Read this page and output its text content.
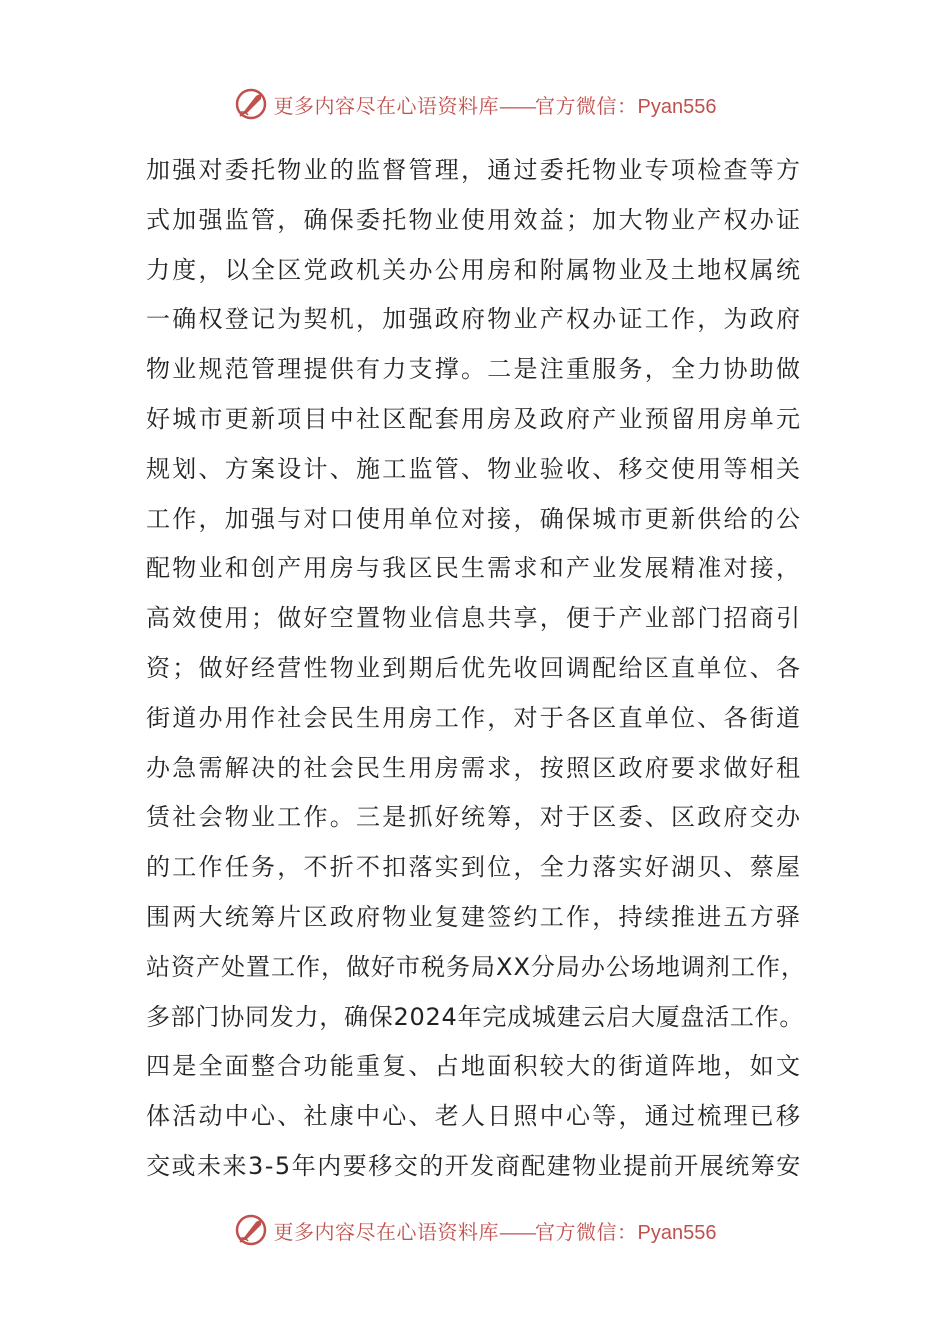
更多内容尽在心语资料库——官方微信：Pyan556
加强对委托物业的监督管理，通过委托物业专项检查等方
式加强监管，确保委托物业使用效益；加大物业产权办证
力度，以全区党政机关办公用房和附属物业及土地权属统
一确权登记为契机，加强政府物业产权办证工作，为政府
物业规范管理提供有力支撑。二是注重服务，全力协助做
好城市更新项目中社区配套用房及政府产业预留用房单元
规划、方案设计、施工监管、物业验收、移交使用等相关
工作，加强与对口使用单位对接，确保城市更新供给的公
配物业和创产用房与我区民生需求和产业发展精准对接，
高效使用；做好空置物业信息共享，便于产业部门招商引
资；做好经营性物业到期后优先收回调配给区直单位、各
街道办用作社会民生用房工作，对于各区直单位、各街道
办急需解决的社会民生用房需求，按照区政府要求做好租
赁社会物业工作。三是抓好统筹，对于区委、区政府交办
的工作任务，不折不扣落实到位，全力落实好湖贝、蔡屋
围两大统筹片区政府物业复建签约工作，持续推进五方驿
站资产处置工作，做好市税务局XX分局办公场地调剂工作，
多部门协同发力，确保2024年完成城建云启大厦盘活工作。
四是全面整合功能重复、占地面积较大的街道阵地，如文
体活动中心、社康中心、老人日照中心等，通过梳理已移
交或未来3-5年内要移交的开发商配建物业提前开展统筹安
更多内容尽在心语资料库——官方微信：Pyan556
